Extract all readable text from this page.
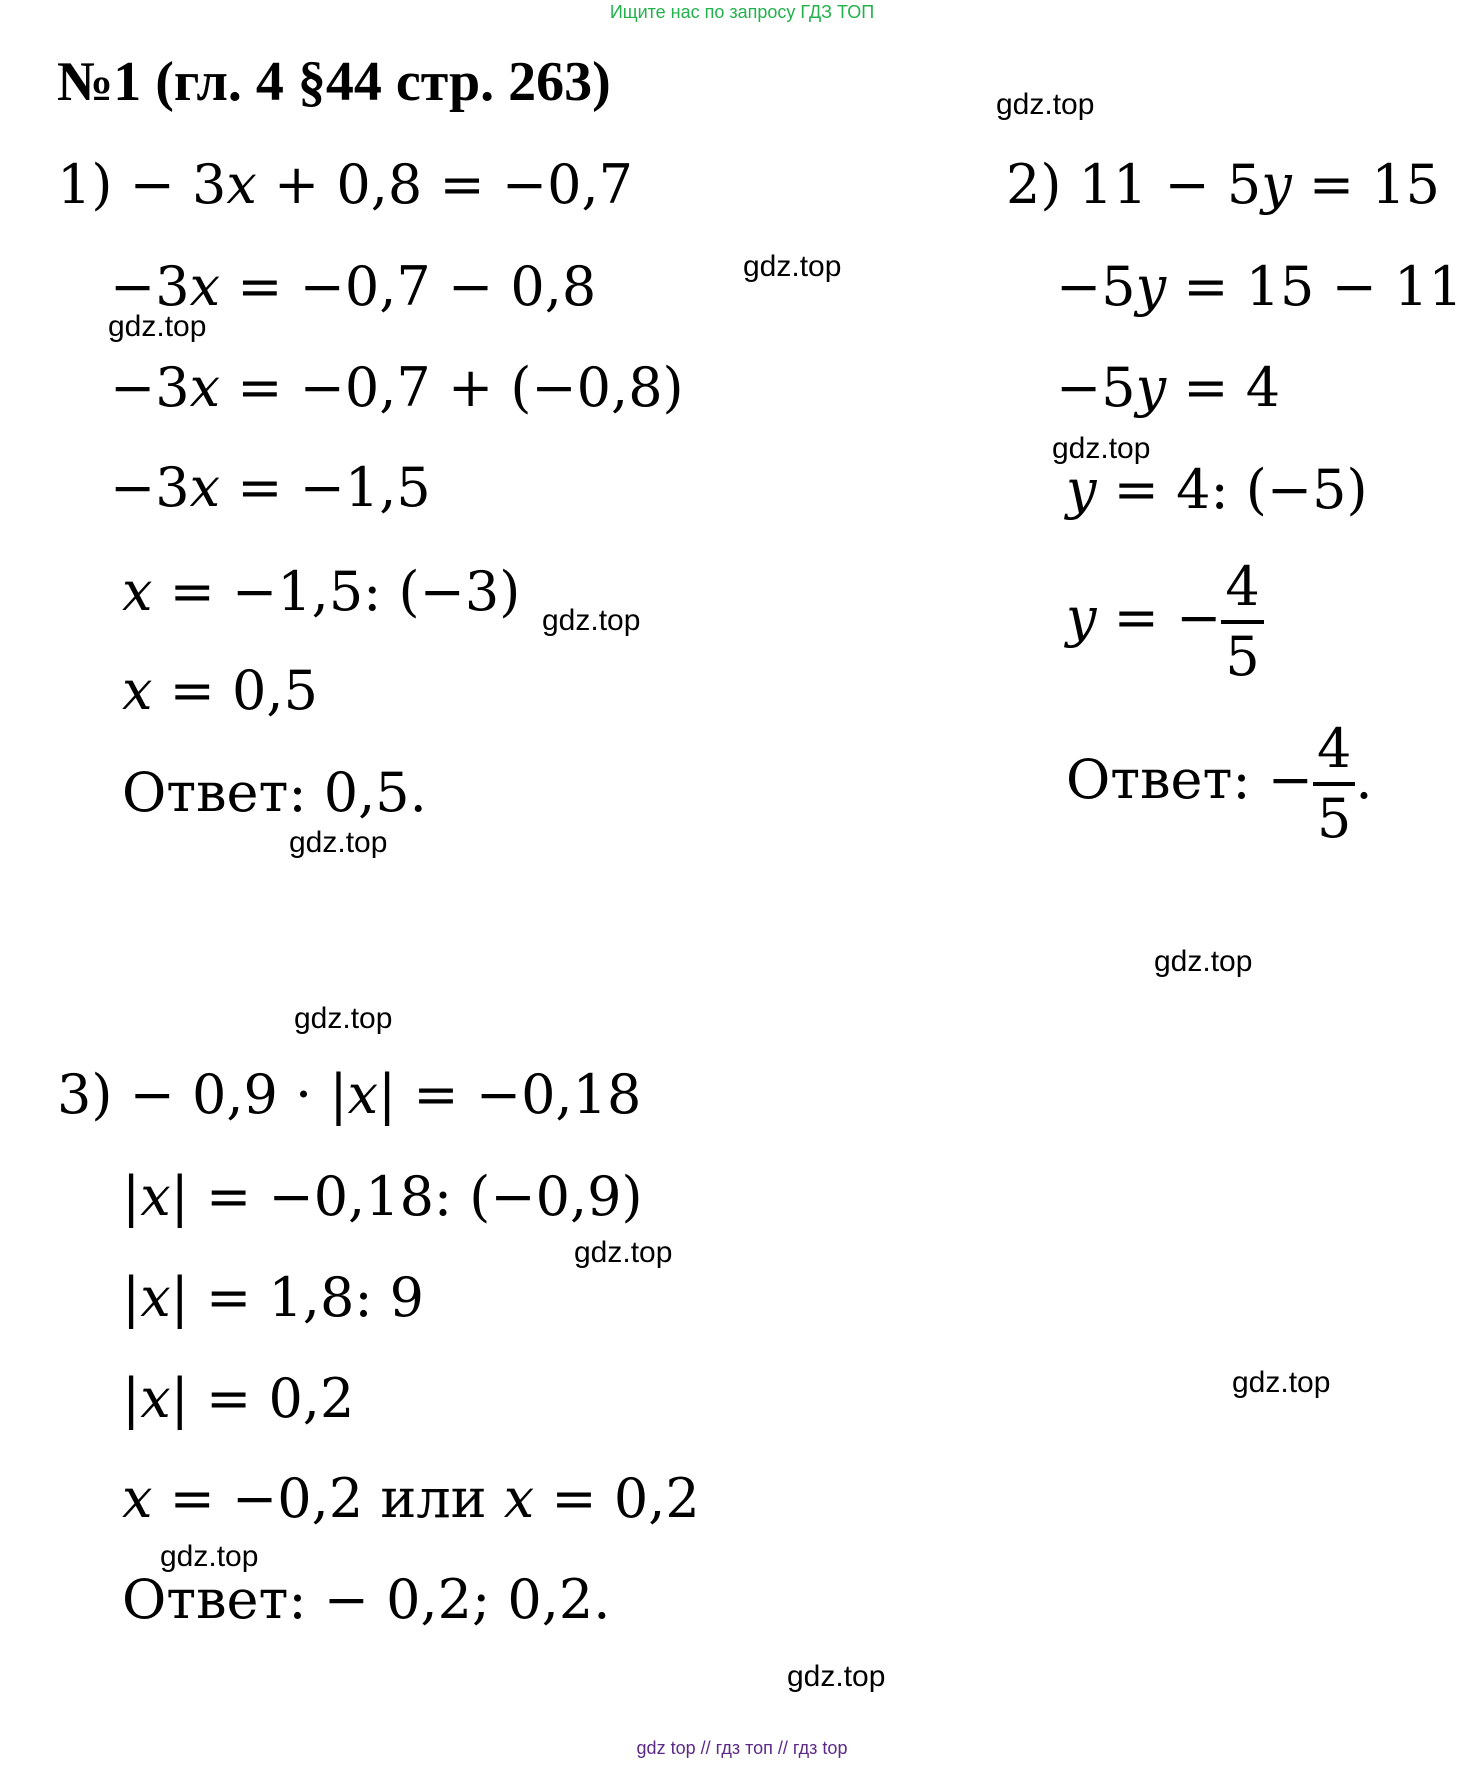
Ищите нас по запросу ГДЗ ТОП
№1 (гл. 4 §44 стр. 263)	gdz.top
gdz.top
gdz.top
gdz.top
gdz.top
gdz.top
gdz.top
gdz.top
gdz.top
gdz.top
gdz.top
gdz.top
1) − 3x + 0,8 = −0,7
−3x = −0,7 − 0,8
−3x = −0,7 + (−0,8)
−3x = −1,5
x = −1,5: (−3)
x = 0,5
Ответ: 0,5.
2) 11 − 5y = 15
−5y = 15 − 11
−5y = 4
y = 4: (−5)
y = − $\frac{4}{5}$
Ответ: − $\frac{4}{5}$ .
3) − 0,9 · |x| = −0,18
|x| = −0,18: (−0,9)
|x| = 1,8: 9
|x| = 0,2
x = −0,2 или x = 0,2
Ответ: − 0,2; 0,2.
gdz top // гдз топ // гдз top
